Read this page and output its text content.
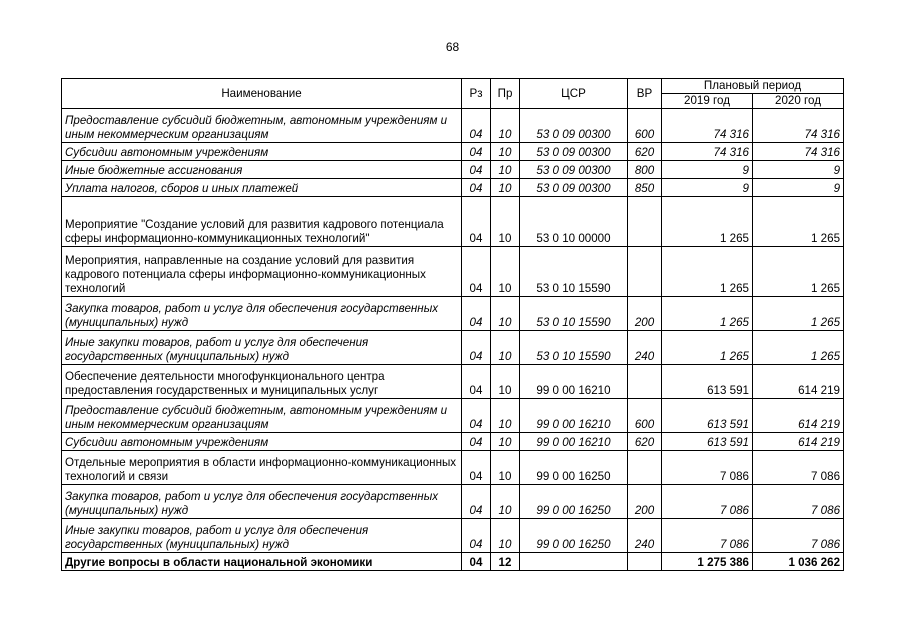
68
Наименование	Рз	Пр	ЦСР	ВР	Плановый период	
					2019 год	2020 год
Предоставление субсидий бюджетным, автономным учреждениям и иным некоммерческим организациям	04	10	53 0 09 00300	600	74 316	74 316
Субсидии автономным учреждениям	04	10	53 0 09 00300	620	74 316	74 316
Иные бюджетные ассигнования	04	10	53 0 09 00300	800	9	9
Уплата налогов, сборов и иных платежей	04	10	53 0 09 00300	850	9	9
Мероприятие "Создание условий для развития кадрового потенциала сферы информационно-коммуникационных технологий"	04	10	53 0 10 00000		1 265	1 265
Мероприятия, направленные на создание условий для развития кадрового потенциала сферы информационно-коммуникационных технологий	04	10	53 0 10 15590		1 265	1 265
Закупка товаров, работ и услуг для обеспечения государственных (муниципальных) нужд	04	10	53 0 10 15590	200	1 265	1 265
Иные закупки товаров, работ и услуг для обеспечения государственных (муниципальных) нужд	04	10	53 0 10 15590	240	1 265	1 265
Обеспечение деятельности многофункционального центра предоставления государственных и муниципальных услуг	04	10	99 0 00 16210		613 591	614 219
Предоставление субсидий бюджетным, автономным учреждениям и иным некоммерческим организациям	04	10	99 0 00 16210	600	613 591	614 219
Субсидии автономным учреждениям	04	10	99 0 00 16210	620	613 591	614 219
Отдельные мероприятия в области информационно-коммуникационных технологий и связи	04	10	99 0 00 16250		7 086	7 086
Закупка товаров, работ и услуг для обеспечения государственных (муниципальных) нужд	04	10	99 0 00 16250	200	7 086	7 086
Иные закупки товаров, работ и услуг для обеспечения государственных (муниципальных) нужд	04	10	99 0 00 16250	240	7 086	7 086
Другие вопросы в области национальной экономики	04	12			1 275 386	1 036 262
